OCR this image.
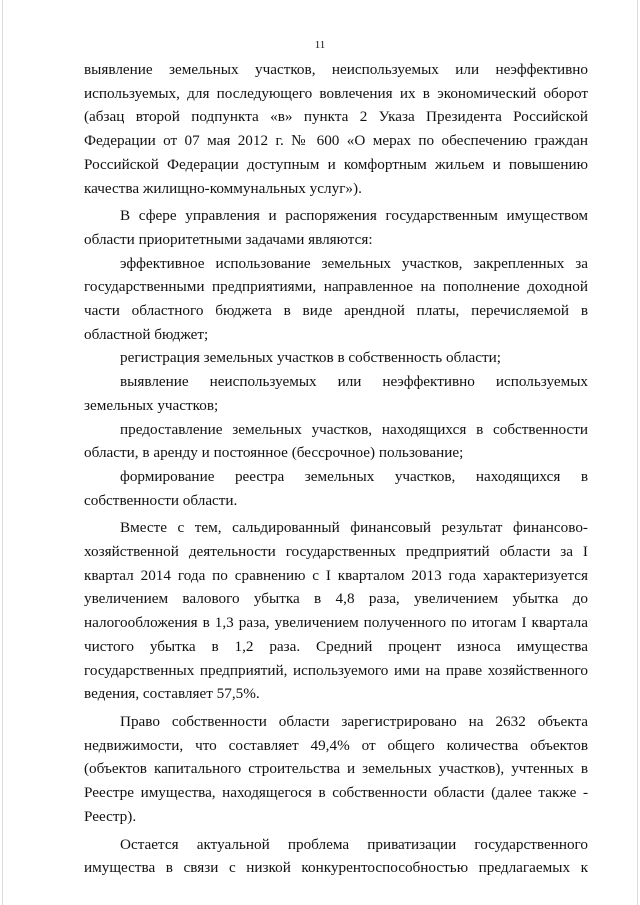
11

выявление земельных участков, неиспользуемых или неэффективно используемых, для последующего вовлечения их в экономический оборот (абзац второй подпункта «в» пункта 2 Указа Президента Российской Федерации от 07 мая 2012 г. № 600 «О мерах по обеспечению граждан Российской Федерации доступным и комфортным жильем и повышению качества жилищно-коммунальных услуг»).

В сфере управления и распоряжения государственным имуществом области приоритетными задачами являются:

эффективное использование земельных участков, закрепленных за государственными предприятиями, направленное на пополнение доходной части областного бюджета в виде арендной платы, перечисляемой в областной бюджет;

регистрация земельных участков в собственность области;

выявление неиспользуемых или неэффективно используемых земельных участков;

предоставление земельных участков, находящихся в собственности области, в аренду и постоянное (бессрочное) пользование;

формирование реестра земельных участков, находящихся в собственности области.

Вместе с тем, сальдированный финансовый результат финансово-хозяйственной деятельности государственных предприятий области за I квартал 2014 года по сравнению с I кварталом 2013 года характеризуется увеличением валового убытка в 4,8 раза, увеличением убытка до налогообложения в 1,3 раза, увеличением полученного по итогам I квартала чистого убытка в 1,2 раза. Средний процент износа имущества государственных предприятий, используемого ими на праве хозяйственного ведения, составляет 57,5%.

Право собственности области зарегистрировано на 2632 объекта недвижимости, что составляет 49,4% от общего количества объектов (объектов капитального строительства и земельных участков), учтенных в Реестре имущества, находящегося в собственности области (далее также - Реестр).

Остается актуальной проблема приватизации государственного имущества в связи с низкой конкурентоспособностью предлагаемых к
